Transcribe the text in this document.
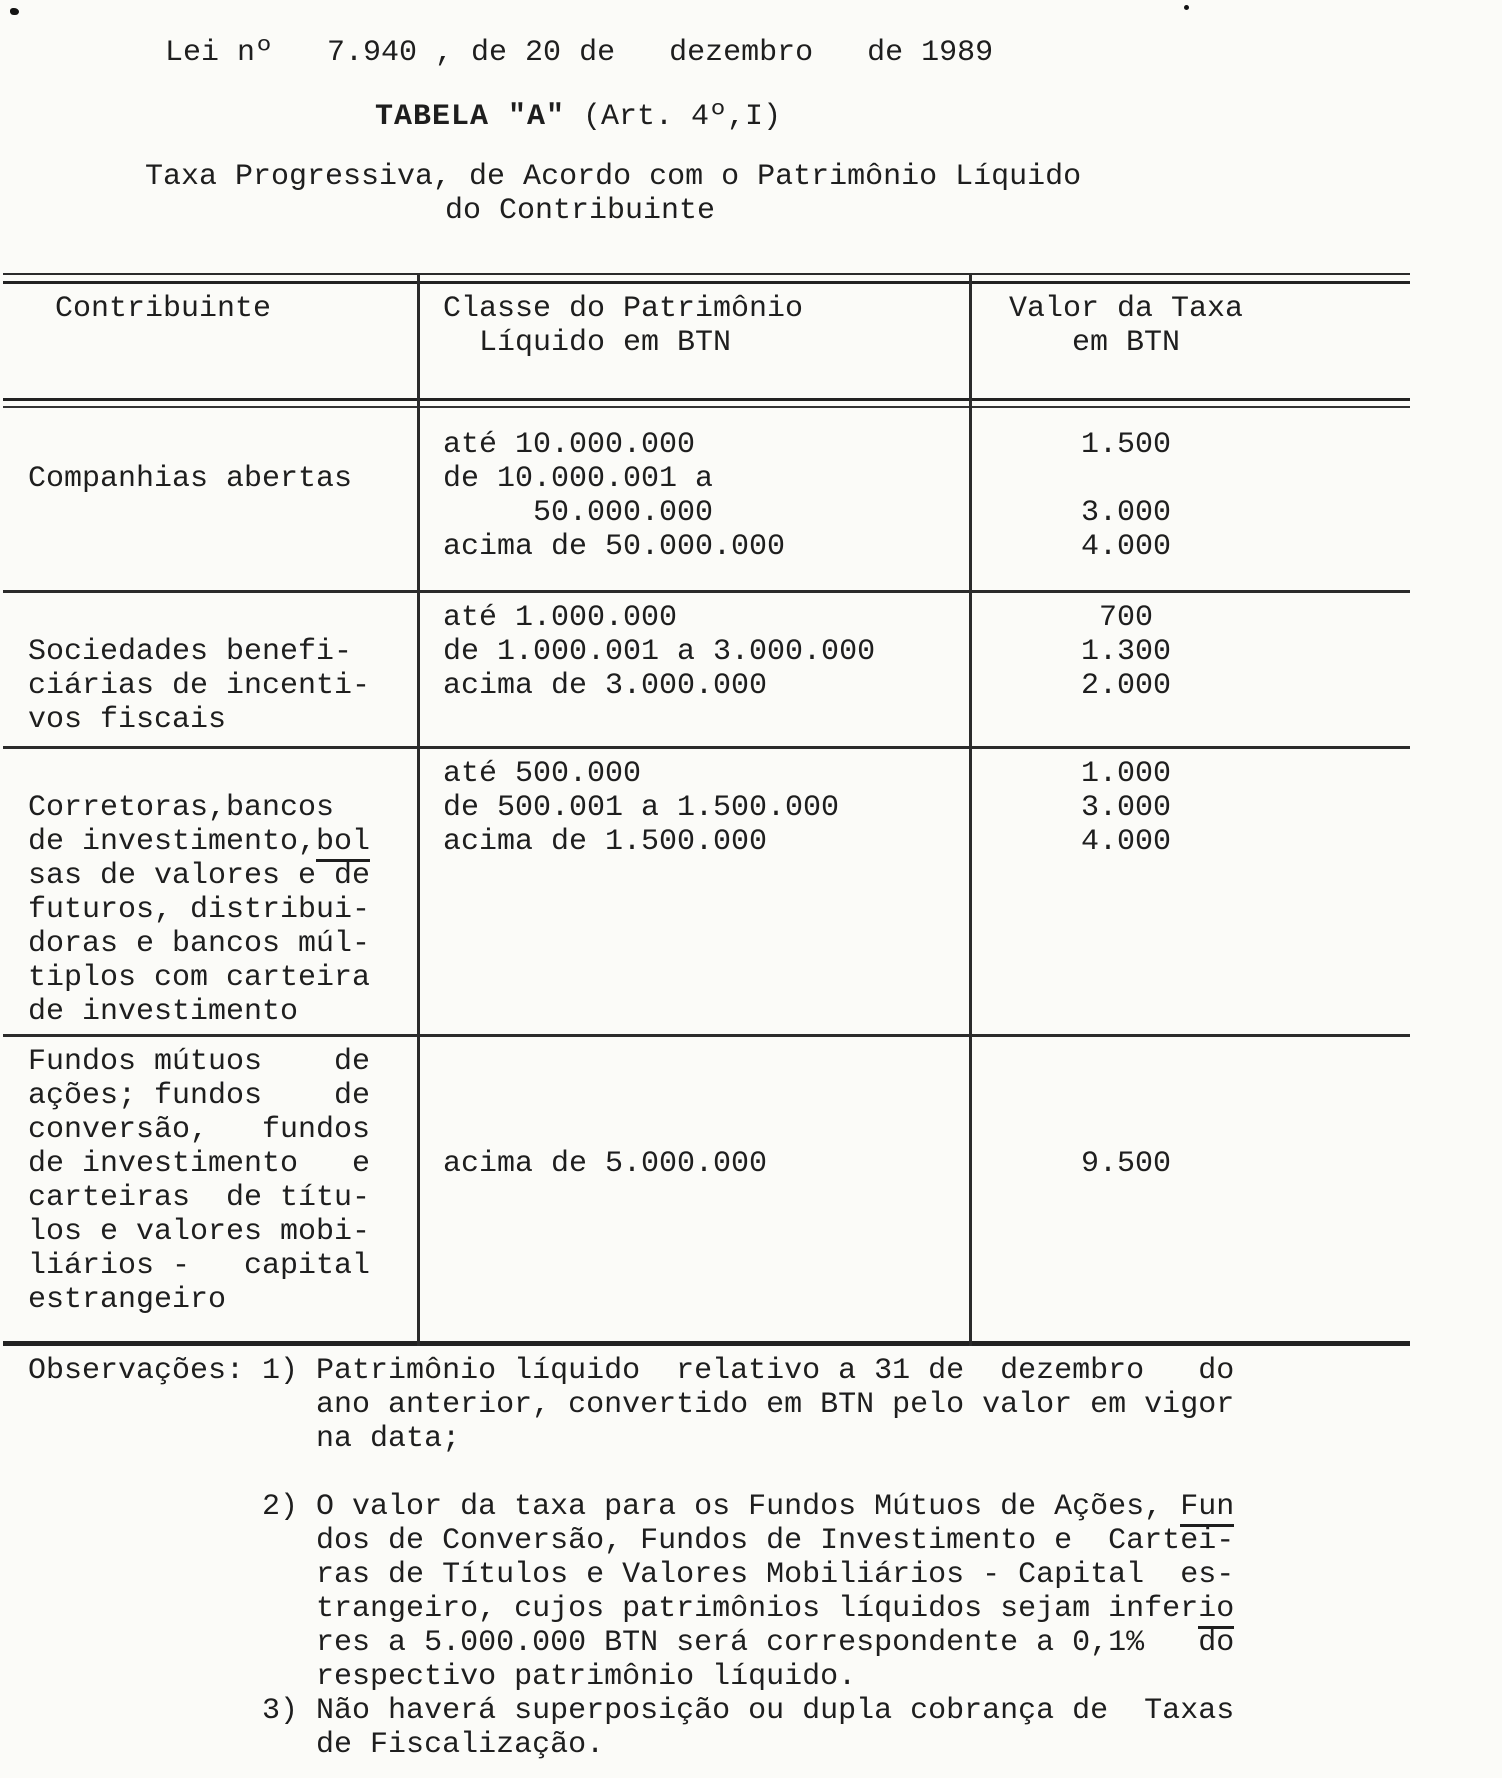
Lei nº   7.940 , de 20 de   dezembro   de 1989
TABELA "A" (Art. 4º,I)
Taxa Progressiva, de Acordo com o Patrimônio Líquido
do Contribuinte
Contribuinte	Classe do Patrimônio
Líquido em BTN
Valor da Taxa
em BTN
Companhias abertas
até 10.000.000
de 10.000.001 a
50.000.000
acima de 50.000.000
1.500
3.000
4.000
Sociedades benefi-
ciárias de incenti-
vos fiscais
até 1.000.000
de 1.000.001 a 3.000.000
acima de 3.000.000
700
1.300
2.000
Corretoras,bancos
de investimento,bol
sas de valores e de
futuros, distribui-
doras e bancos múl-
tiplos com carteira
de investimento
até 500.000
de 500.001 a 1.500.000
acima de 1.500.000
1.000
3.000
4.000
Fundos mútuos    de
ações; fundos    de
conversão,   fundos
de investimento   e
carteiras  de títu-
los e valores mobi-
liários -   capital
estrangeiro
acima de 5.000.000	9.500
Observações: 1) Patrimônio líquido  relativo a 31 de  dezembro   do
ano anterior, convertido em BTN pelo valor em vigor
na data;
2) O valor da taxa para os Fundos Mútuos de Ações, Fun
dos de Conversão, Fundos de Investimento e  Cartei-
ras de Títulos e Valores Mobiliários - Capital  es-
trangeiro, cujos patrimônios líquidos sejam inferio
res a 5.000.000 BTN será correspondente a 0,1%   do
respectivo patrimônio líquido.
3) Não haverá superposição ou dupla cobrança de  Taxas
de Fiscalização.
